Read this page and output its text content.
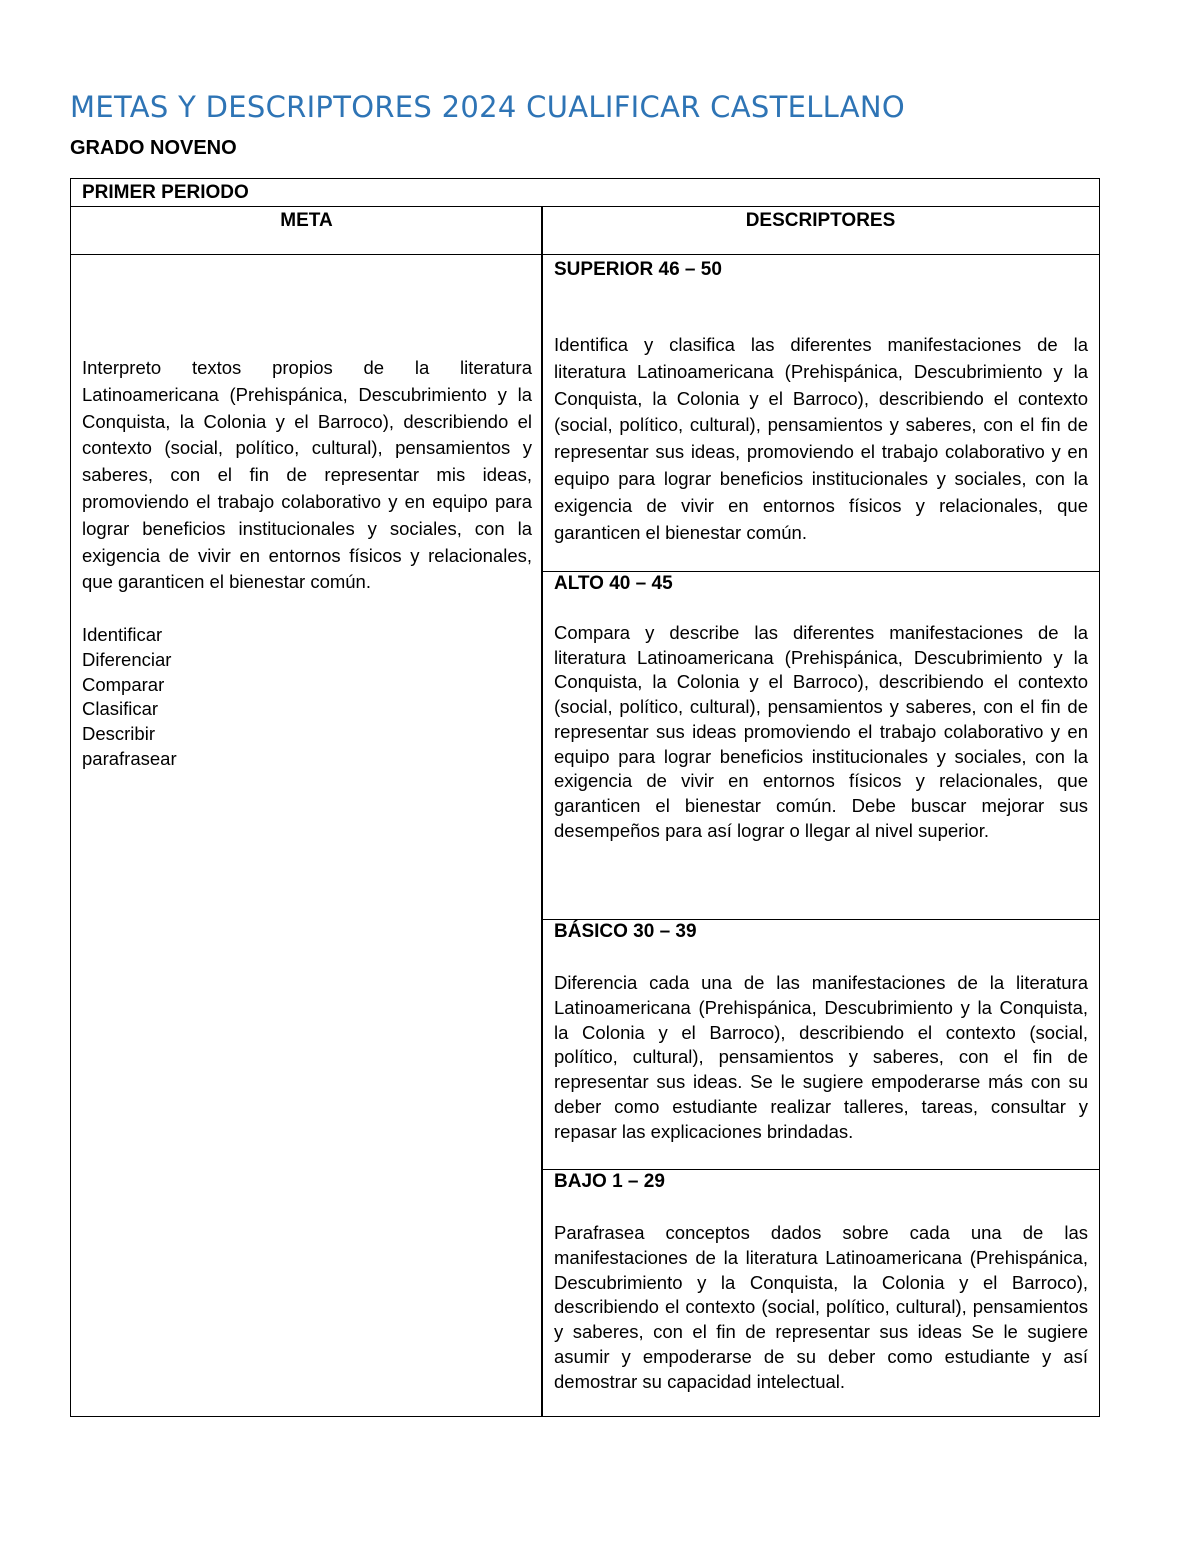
METAS Y DESCRIPTORES 2024 CUALIFICAR CASTELLANO
GRADO NOVENO
PRIMER PERIODO
META	DESCRIPTORES

Interpreto textos propios de la literatura Latinoamericana (Prehispánica, Descubrimiento y la Conquista, la Colonia y el Barroco), describiendo el contexto (social, político, cultural), pensamientos y saberes, con el fin de representar mis ideas, promoviendo el trabajo colaborativo y en equipo para lograr beneficios institucionales y sociales, con la exigencia de vivir en entornos físicos y relacionales, que garanticen el bienestar común.

Identificar
Diferenciar
Comparar
Clasificar
Describir
parafrasear

SUPERIOR 46 – 50

Identifica y clasifica las diferentes manifestaciones de la literatura Latinoamericana (Prehispánica, Descubrimiento y la Conquista, la Colonia y el Barroco), describiendo el contexto (social, político, cultural), pensamientos y saberes, con el fin de representar sus ideas, promoviendo el trabajo colaborativo y en equipo para lograr beneficios institucionales y sociales, con la exigencia de vivir en entornos físicos y relacionales, que garanticen el bienestar común.

ALTO 40 – 45

Compara y describe las diferentes manifestaciones de la literatura Latinoamericana (Prehispánica, Descubrimiento y la Conquista, la Colonia y el Barroco), describiendo el contexto (social, político, cultural), pensamientos y saberes, con el fin de representar sus ideas promoviendo el trabajo colaborativo y en equipo para lograr beneficios institucionales y sociales, con la exigencia de vivir en entornos físicos y relacionales, que garanticen el bienestar común. Debe buscar mejorar sus desempeños para así lograr o llegar al nivel superior.

BÁSICO 30 – 39

Diferencia cada una de las manifestaciones de la literatura Latinoamericana (Prehispánica, Descubrimiento y la Conquista, la Colonia y el Barroco), describiendo el contexto (social, político, cultural), pensamientos y saberes, con el fin de representar sus ideas. Se le sugiere empoderarse más con su deber como estudiante realizar talleres, tareas, consultar y repasar las explicaciones brindadas.

BAJO 1 – 29

Parafrasea conceptos dados sobre cada una de las manifestaciones de la literatura Latinoamericana (Prehispánica, Descubrimiento y la Conquista, la Colonia y el Barroco), describiendo el contexto (social, político, cultural), pensamientos y saberes, con el fin de representar sus ideas Se le sugiere asumir y empoderarse de su deber como estudiante y así demostrar su capacidad intelectual.
